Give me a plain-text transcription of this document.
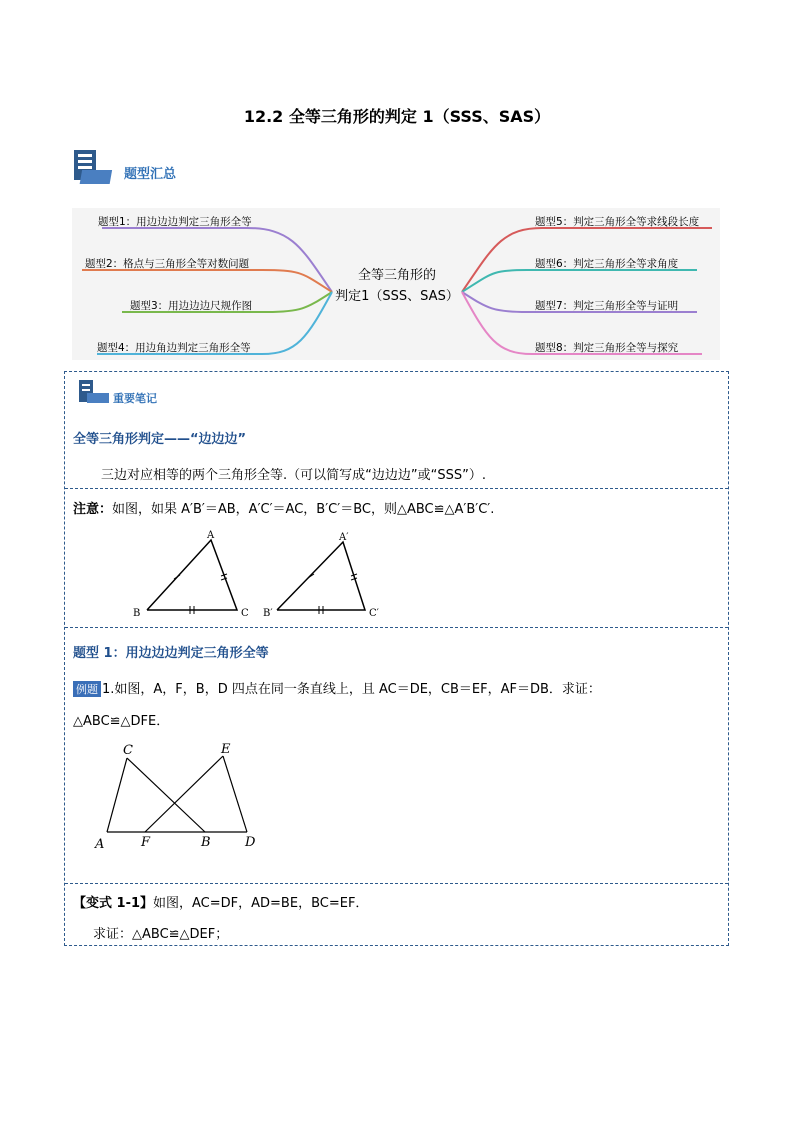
12.2 全等三角形的判定 1（SSS、SAS）
题型汇总
全等三角形的
判定1（SSS、SAS）
题型1：用边边边判定三角形全等
题型2：格点与三角形全等对数问题
题型3：用边边边尺规作图
题型4：用边角边判定三角形全等
题型5：判定三角形全等求线段长度
题型6：判定三角形全等求角度
题型7：判定三角形全等与证明
题型8：判定三角形全等与探究
重要笔记
全等三角形判定——“边边边”
三边对应相等的两个三角形全等.（可以简写成“边边边”或“SSS”）.
注意：如图，如果 A′B′＝AB，A′C′＝AC，B′C′＝BC，则△ABC≌△A′B′C′.
A
B	C
A′
B′	C′
题型 1：用边边边判定三角形全等
例题 1.如图，A，F，B，D 四点在同一条直线上，且 AC＝DE，CB＝EF，AF＝DB．求证：
△ABC≌△DFE．
C	E
A	F	B	D
【变式 1-1】如图，AC=DF，AD=BE，BC=EF．
求证：△ABC≌△DEF；
